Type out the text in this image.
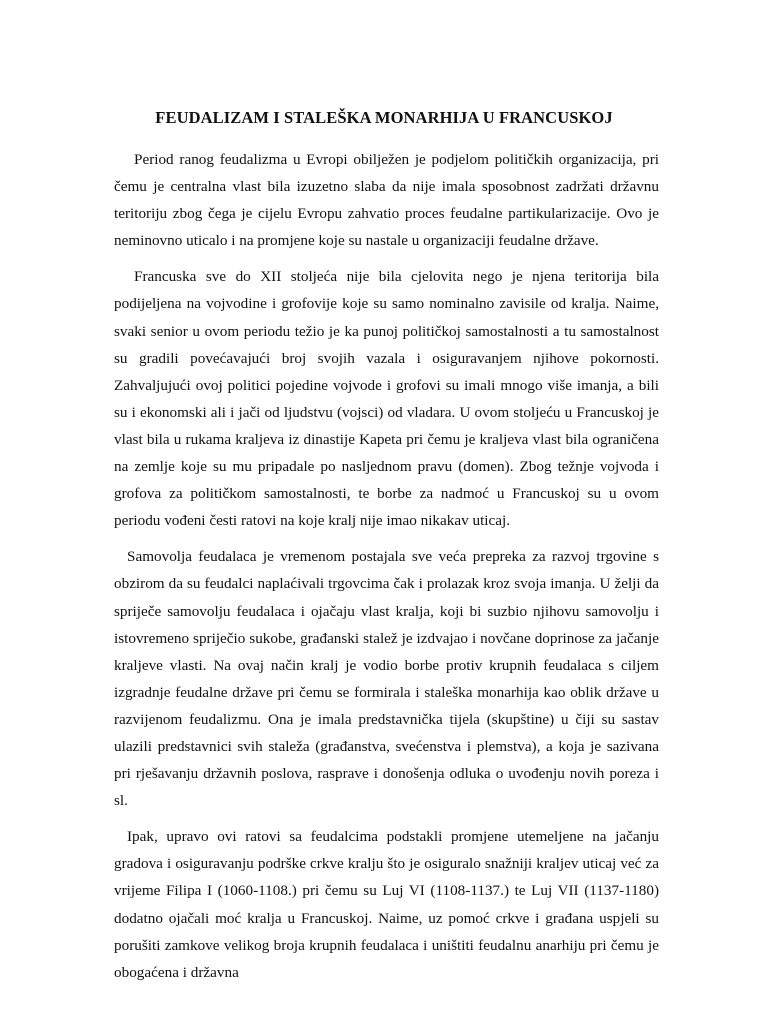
FEUDALIZAM I STALEŠKA MONARHIJA U FRANCUSKOJ

Period ranog feudalizma u Evropi obilježen je podjelom političkih organizacija, pri čemu je centralna vlast bila izuzetno slaba da nije imala sposobnost zadržati državnu teritoriju zbog čega je cijelu Evropu zahvatio proces feudalne partikularizacije. Ovo je neminovno uticalo i na promjene koje su nastale u organizaciji feudalne države.

Francuska sve do XII stoljeća nije bila cjelovita nego je njena teritorija bila podijeljena na vojvodine i grofovije koje su samo nominalno zavisile od kralja. Naime, svaki senior u ovom periodu težio je ka punoj političkoj samostalnosti a tu samostalnost su gradili povećavajući broj svojih vazala i osiguravanjem njihove pokornosti. Zahvaljujući ovoj politici pojedine vojvode i grofovi su imali mnogo više imanja, a bili su i ekonomski ali i jači od ljudstvu (vojsci) od vladara. U ovom stoljeću u Francuskoj je vlast bila u rukama kraljeva iz dinastije Kapeta pri čemu je kraljeva vlast bila ograničena na zemlje koje su mu pripadale po nasljednom pravu (domen). Zbog težnje vojvoda i grofova za političkom samostalnosti, te borbe za nadmoć u Francuskoj su u ovom periodu vođeni česti ratovi na koje kralj nije imao nikakav uticaj.

Samovolja feudalaca je vremenom postajala sve veća prepreka za razvoj trgovine s obzirom da su feudalci naplaćivali trgovcima čak i prolazak kroz svoja imanja. U želji da spriječe samovolju feudalaca i ojačaju vlast kralja, koji bi suzbio njihovu samovolju i istovremeno spriječio sukobe, građanski stalež je izdvajao i novčane doprinose za jačanje kraljeve vlasti. Na ovaj način kralj je vodio borbe protiv krupnih feudalaca s ciljem izgradnje feudalne države pri čemu se formirala i staleška monarhija kao oblik države u razvijenom feudalizmu. Ona je imala predstavnička tijela (skupštine) u čiji su sastav ulazili predstavnici svih staleža (građanstva, svećenstva i plemstva), a koja je sazivana pri rješavanju državnih poslova, rasprave i donošenja odluka o uvođenju novih poreza i sl.

Ipak, upravo ovi ratovi sa feudalcima podstakli promjene utemeljene na jačanju gradova i osiguravanju podrške crkve kralju što je osiguralo snažniji kraljev uticaj već za vrijeme Filipa I (1060-1108.) pri čemu su Luj VI (1108-1137.) te Luj VII (1137-1180) dodatno ojačali moć kralja u Francuskoj. Naime, uz pomoć crkve i građana uspjeli su porušiti zamkove velikog broja krupnih feudalaca i uništiti feudalnu anarhiju pri čemu je obogaćena i državna
